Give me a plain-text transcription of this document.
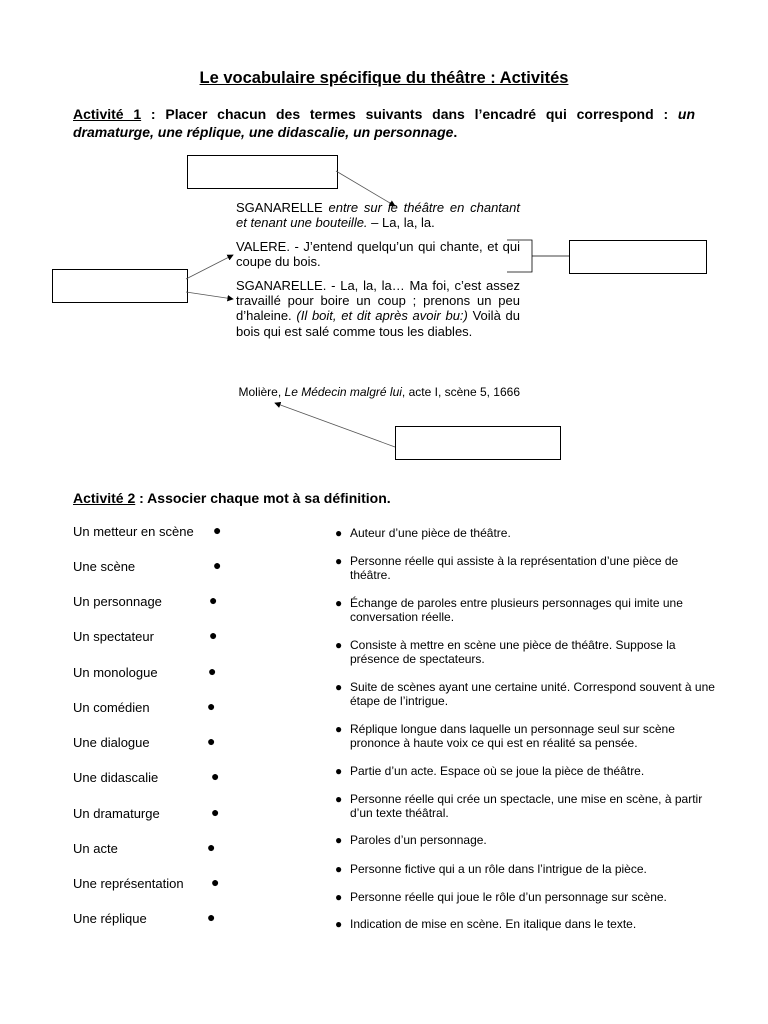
Le vocabulaire spécifique du théâtre : Activités
Activité 1 : Placer chacun des termes suivants dans l’encadré qui correspond : un dramaturge, une réplique, une didascalie, un personnage.

SGANARELLE entre sur le théâtre en chantant et tenant une bouteille. – La, la, la.

VALERE. - J’entend quelqu’un qui chante, et qui coupe du bois.

SGANARELLE. - La, la, la… Ma foi, c’est assez travaillé pour boire un coup ; prenons un peu d’haleine. (Il boit, et dit après avoir bu:) Voilà du bois qui est salé comme tous les diables.

Molière, Le Médecin malgré lui, acte I, scène 5, 1666
Activité 2 : Associer chaque mot à sa définition.
Un metteur en scène ●
Une scène	●
Un personnage	●
Un spectateur	●
Un monologue	●
Un comédien	●
Une dialogue	●
Une didascalie	●
Un dramaturge	●
Un acte	●
Une représentation ●
Une réplique	●
● Auteur d’une pièce de théâtre.
● Personne réelle qui assiste à la représentation d’une pièce de théâtre.
● Échange de paroles entre plusieurs personnages qui imite une conversation réelle.
● Consiste à mettre en scène une pièce de théâtre. Suppose la présence de spectateurs.
● Suite de scènes ayant une certaine unité. Correspond souvent à une étape de l’intrigue.
● Réplique longue dans laquelle un personnage seul sur scène prononce à haute voix ce qui est en réalité sa pensée.
● Partie d’un acte. Espace où se joue la pièce de théâtre.
● Personne réelle qui crée un spectacle, une mise en scène, à partir d’un texte théâtral.
● Paroles d’un personnage.
● Personne fictive qui a un rôle dans l’intrigue de la pièce.
● Personne réelle qui joue le rôle d’un personnage sur scène.
● Indication de mise en scène. En italique dans le texte.
